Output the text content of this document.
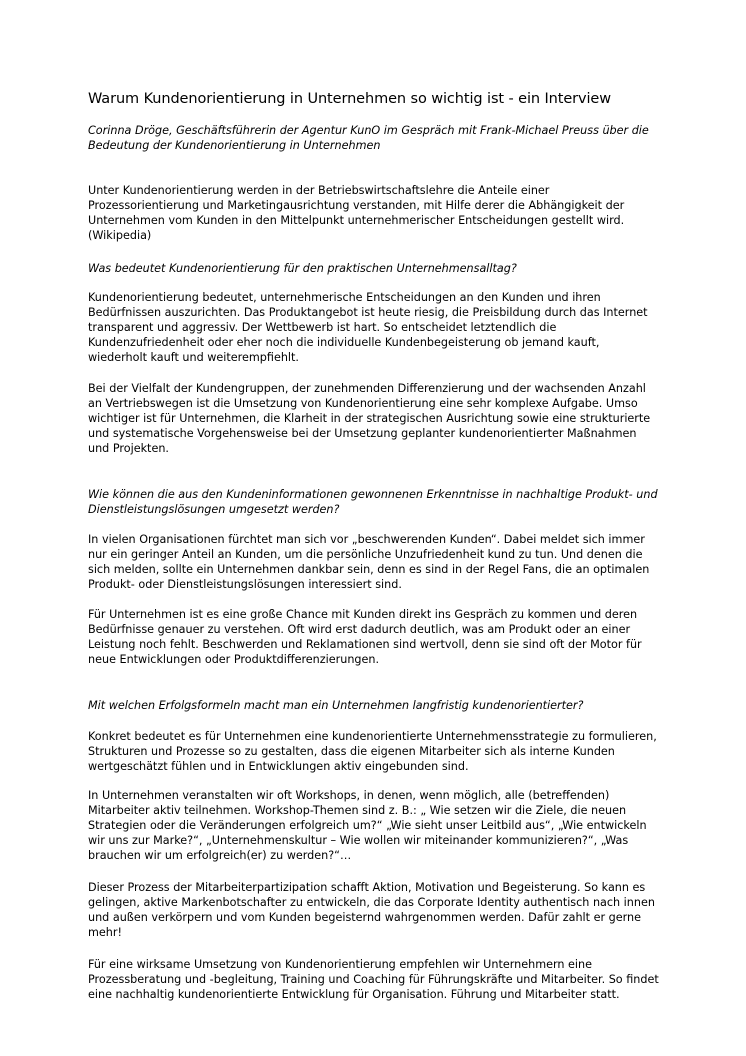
Warum Kundenorientierung in Unternehmen so wichtig ist - ein Interview
Corinna Dröge, Geschäftsführerin der Agentur KunO im Gespräch mit Frank-Michael Preuss über die Bedeutung der Kundenorientierung in Unternehmen

Unter Kundenorientierung werden in der Betriebswirtschaftslehre die Anteile einer Prozessorientierung und Marketingausrichtung verstanden, mit Hilfe derer die Abhängigkeit der Unternehmen vom Kunden in den Mittelpunkt unternehmerischer Entscheidungen gestellt wird. (Wikipedia)

Was bedeutet Kundenorientierung für den praktischen Unternehmensalltag?

Kundenorientierung bedeutet, unternehmerische Entscheidungen an den Kunden und ihren Bedürfnissen auszurichten. Das Produktangebot ist heute riesig, die Preisbildung durch das Internet transparent und aggressiv. Der Wettbewerb ist hart. So entscheidet letztendlich die Kundenzufriedenheit oder eher noch die individuelle Kundenbegeisterung ob jemand kauft, wiederholt kauft und weiterempfiehlt.

Bei der Vielfalt der Kundengruppen, der zunehmenden Differenzierung und der wachsenden Anzahl an Vertriebswegen ist die Umsetzung von Kundenorientierung eine sehr komplexe Aufgabe. Umso wichtiger ist für Unternehmen, die Klarheit in der strategischen Ausrichtung sowie eine strukturierte und systematische Vorgehensweise bei der Umsetzung geplanter kundenorientierter Maßnahmen und Projekten.

Wie können die aus den Kundeninformationen gewonnenen Erkenntnisse in nachhaltige Produkt- und Dienstleistungslösungen umgesetzt werden?

In vielen Organisationen fürchtet man sich vor „beschwerenden Kunden“. Dabei meldet sich immer nur ein geringer Anteil an Kunden, um die persönliche Unzufriedenheit kund zu tun. Und denen die sich melden, sollte ein Unternehmen dankbar sein, denn es sind in der Regel Fans, die an optimalen Produkt- oder Dienstleistungslösungen interessiert sind.

Für Unternehmen ist es eine große Chance mit Kunden direkt ins Gespräch zu kommen und deren Bedürfnisse genauer zu verstehen. Oft wird erst dadurch deutlich, was am Produkt oder an einer Leistung noch fehlt. Beschwerden und Reklamationen sind wertvoll, denn sie sind oft der Motor für neue Entwicklungen oder Produktdifferenzierungen.

Mit welchen Erfolgsformeln macht man ein Unternehmen langfristig kundenorientierter?

Konkret bedeutet es für Unternehmen eine kundenorientierte Unternehmensstrategie zu formulieren, Strukturen und Prozesse so zu gestalten, dass die eigenen Mitarbeiter sich als interne Kunden wertgeschätzt fühlen und in Entwicklungen aktiv eingebunden sind.

In Unternehmen veranstalten wir oft Workshops, in denen, wenn möglich, alle (betreffenden) Mitarbeiter aktiv teilnehmen. Workshop-Themen sind z. B.: „ Wie setzen wir die Ziele, die neuen Strategien oder die Veränderungen erfolgreich um?“ „Wie sieht unser Leitbild aus“, „Wie entwickeln wir uns zur Marke?“, „Unternehmenskultur – Wie wollen wir miteinander kommunizieren?“, „Was brauchen wir um erfolgreich(er) zu werden?“…

Dieser Prozess der Mitarbeiterpartizipation schafft Aktion, Motivation und Begeisterung. So kann es gelingen, aktive Markenbotschafter zu entwickeln, die das Corporate Identity authentisch nach innen und außen verkörpern und vom Kunden begeisternd wahrgenommen werden. Dafür zahlt er gerne mehr!

Für eine wirksame Umsetzung von Kundenorientierung empfehlen wir Unternehmern eine Prozessberatung und -begleitung, Training und Coaching für Führungskräfte und Mitarbeiter. So findet eine nachhaltig kundenorientierte Entwicklung für Organisation. Führung und Mitarbeiter statt.
